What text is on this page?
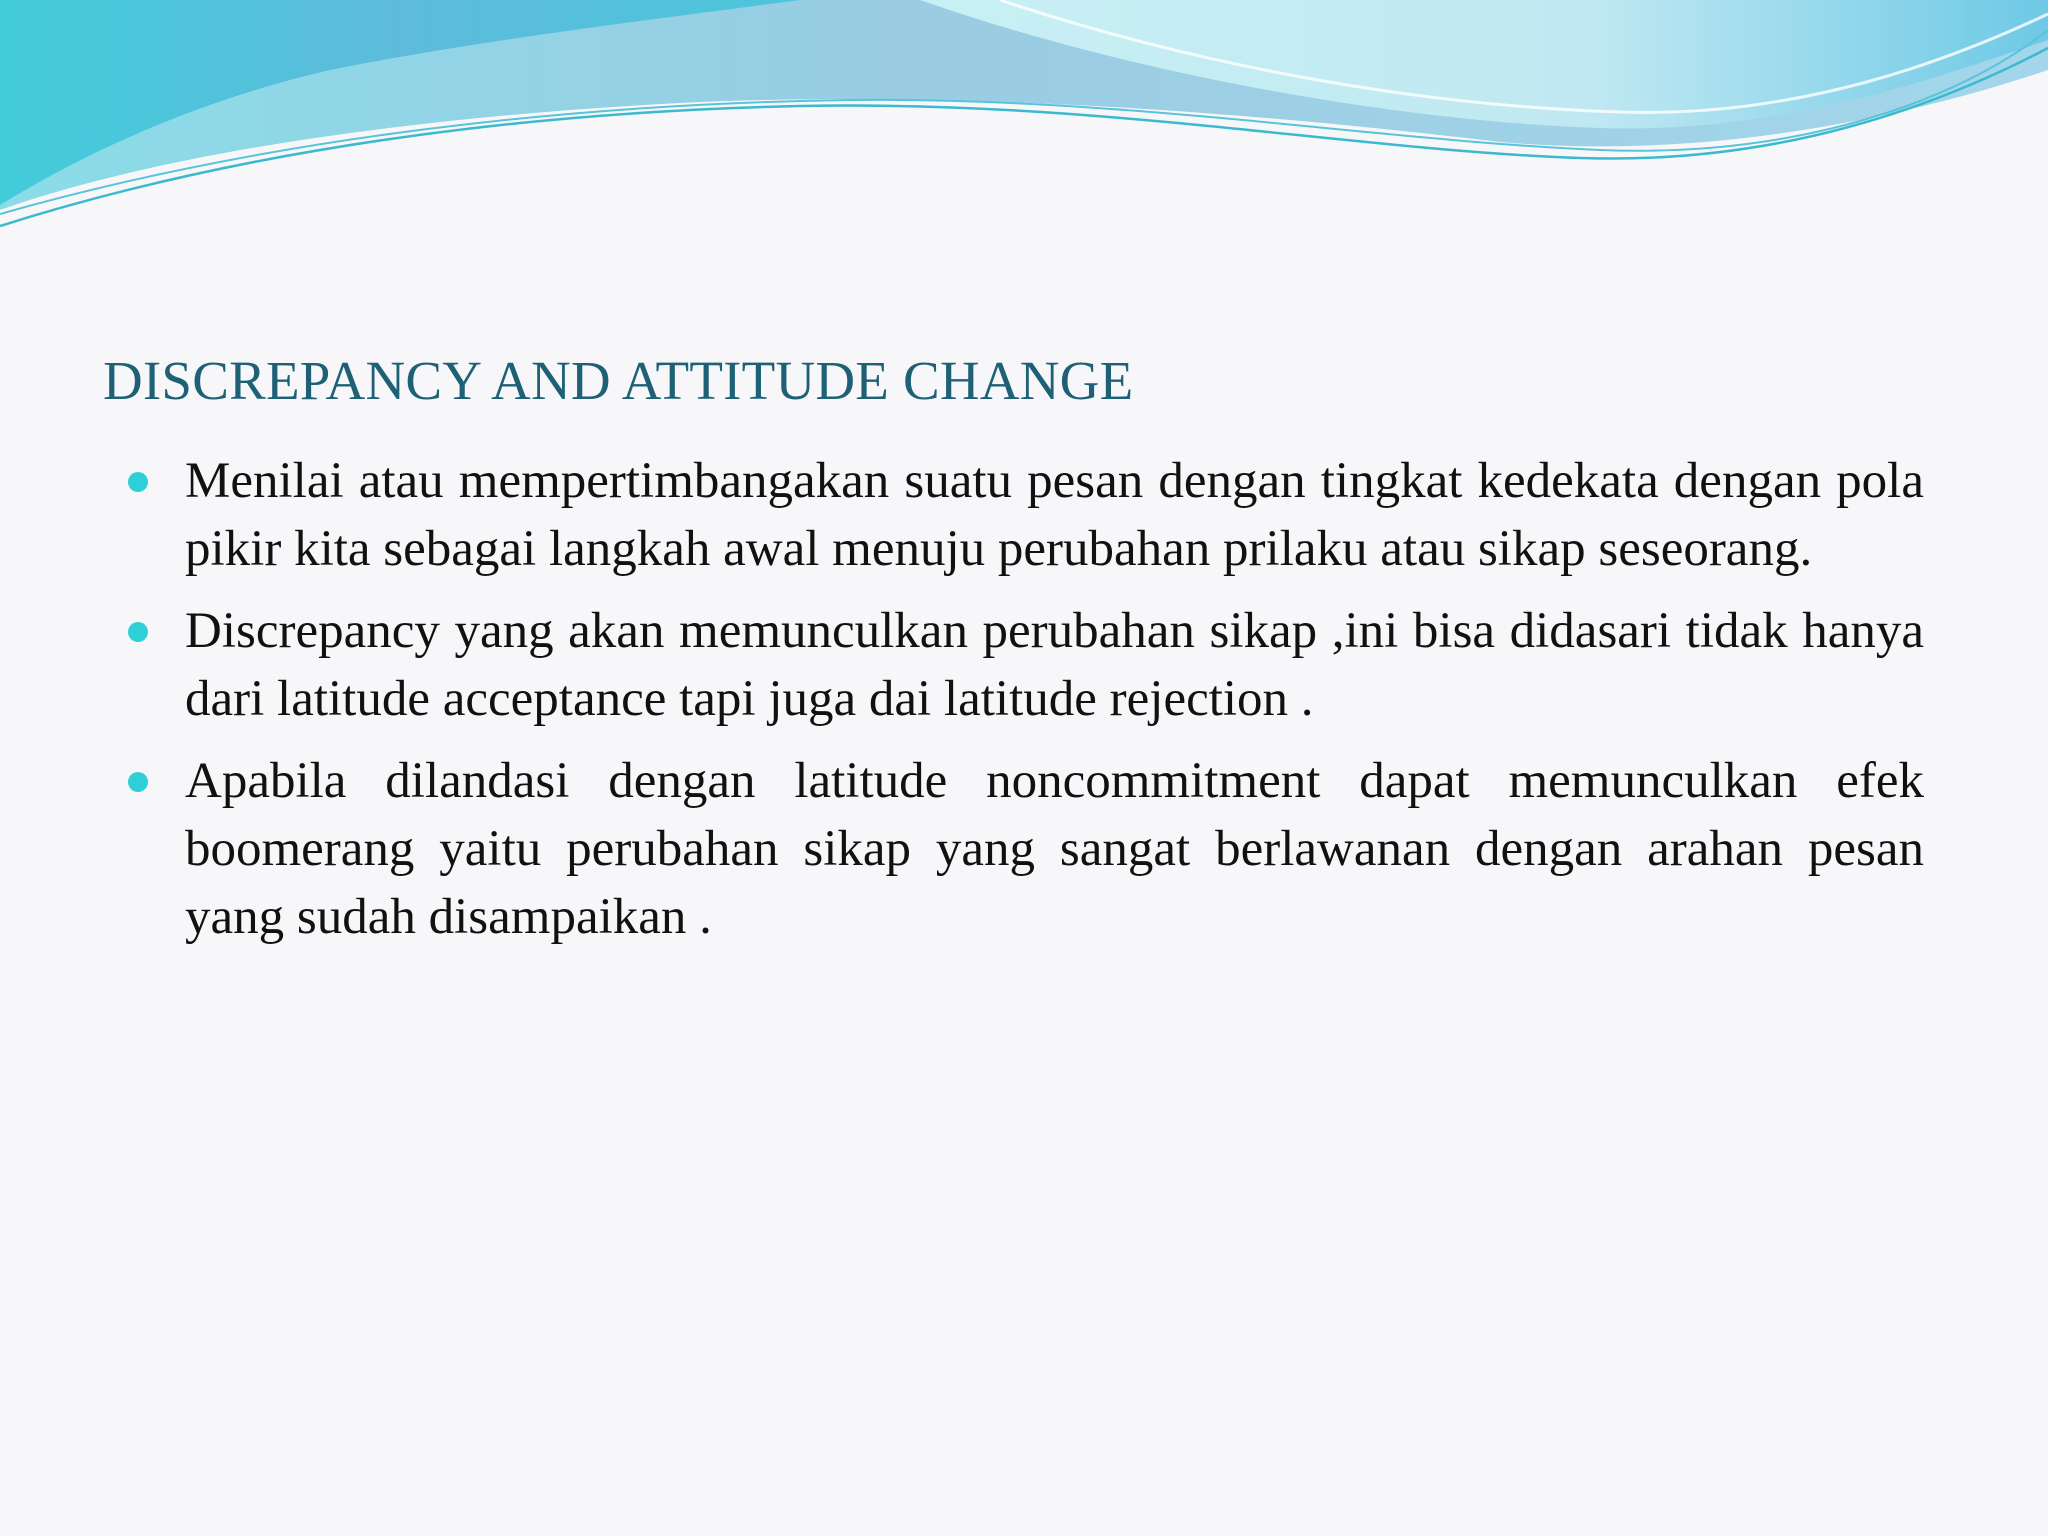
DISCREPANCY AND ATTITUDE CHANGE
Menilai atau mempertimbangakan suatu pesan dengan tingkat kedekata dengan pola pikir kita sebagai langkah awal menuju perubahan prilaku atau sikap seseorang.
Discrepancy yang akan memunculkan perubahan sikap ,ini bisa didasari tidak hanya dari latitude acceptance tapi juga dai latitude rejection .
Apabila dilandasi dengan latitude noncommitment dapat memunculkan efek boomerang yaitu perubahan sikap yang sangat berlawanan dengan arahan pesan yang sudah disampaikan .
